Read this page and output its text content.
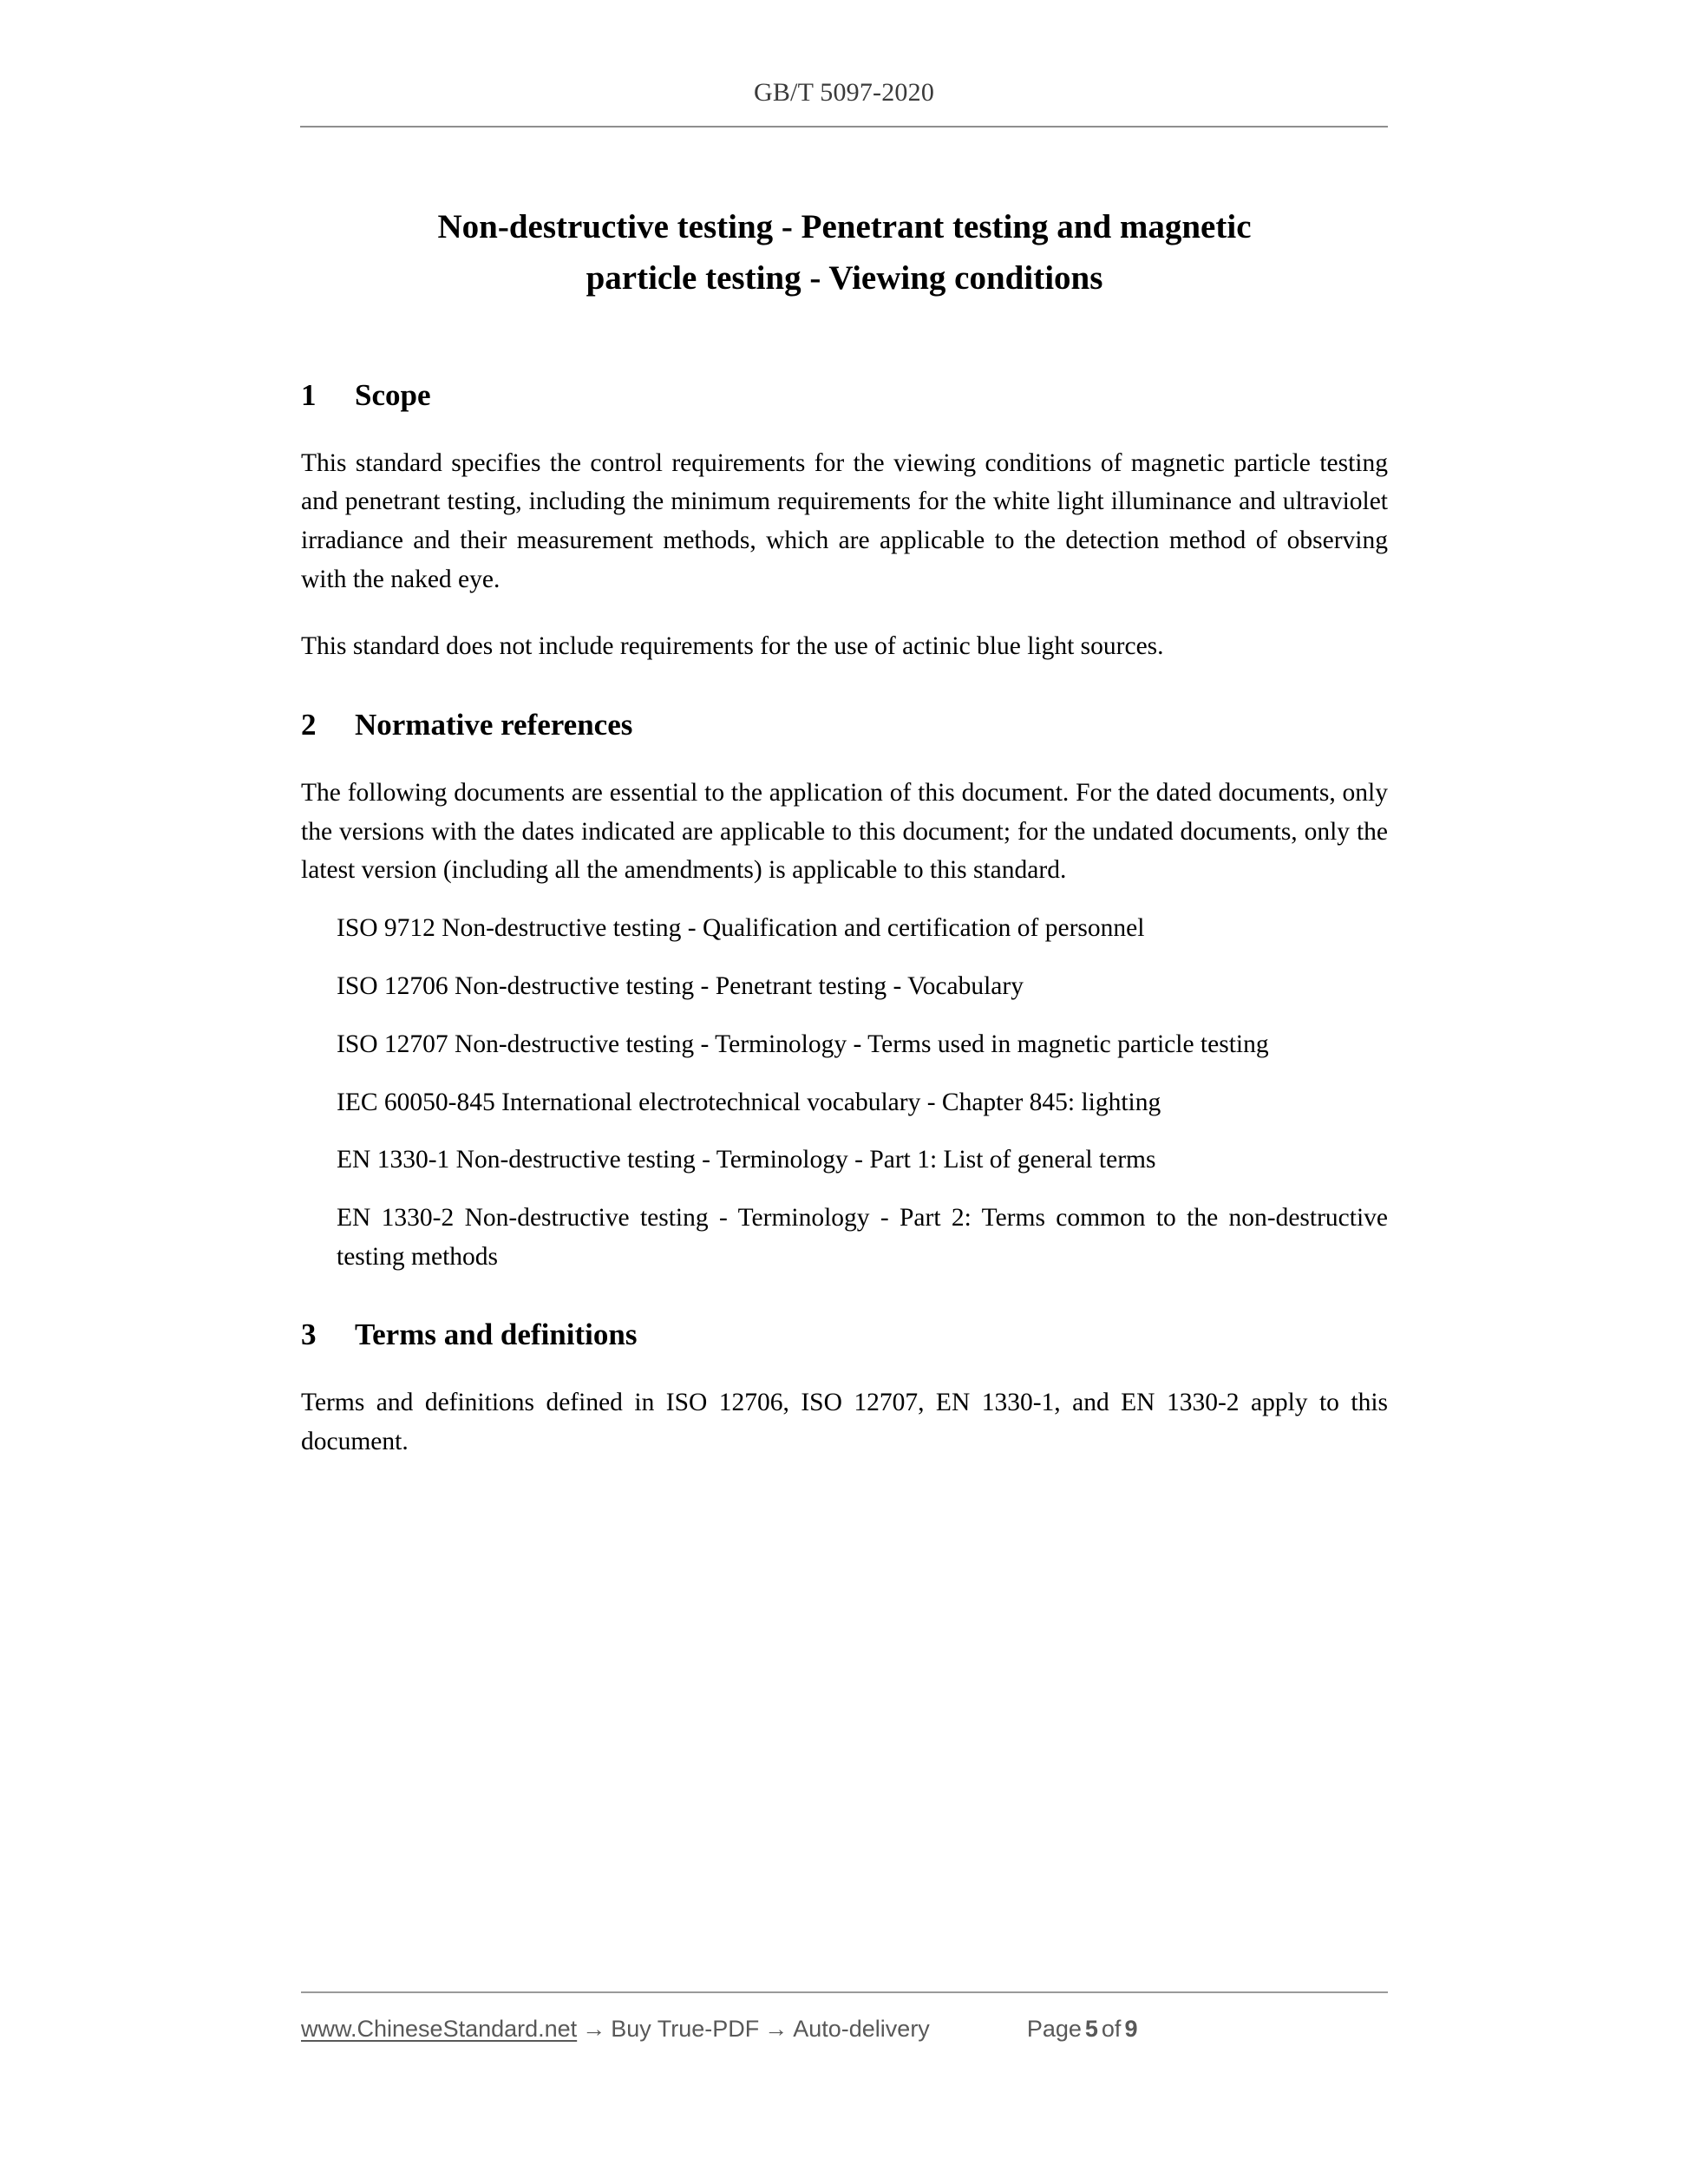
GB/T 5097-2020
Non-destructive testing - Penetrant testing and magnetic
particle testing - Viewing conditions
1 Scope

This standard specifies the control requirements for the viewing conditions of magnetic particle testing and penetrant testing, including the minimum requirements for the white light illuminance and ultraviolet irradiance and their measurement methods, which are applicable to the detection method of observing with the naked eye.

This standard does not include requirements for the use of actinic blue light sources.

2 Normative references

The following documents are essential to the application of this document. For the dated documents, only the versions with the dates indicated are applicable to this document; for the undated documents, only the latest version (including all the amendments) is applicable to this standard.

ISO 9712 Non-destructive testing - Qualification and certification of personnel

ISO 12706 Non-destructive testing - Penetrant testing - Vocabulary

ISO 12707 Non-destructive testing - Terminology - Terms used in magnetic particle testing

IEC 60050-845 International electrotechnical vocabulary - Chapter 845: lighting

EN 1330-1 Non-destructive testing - Terminology - Part 1: List of general terms

EN 1330-2 Non-destructive testing - Terminology - Part 2: Terms common to the non-destructive testing methods

3 Terms and definitions

Terms and definitions defined in ISO 12706, ISO 12707, EN 1330-1, and EN 1330-2 apply to this document.

www.ChineseStandard.net → Buy True-PDF → Auto-delivery	Page 5 of 9
